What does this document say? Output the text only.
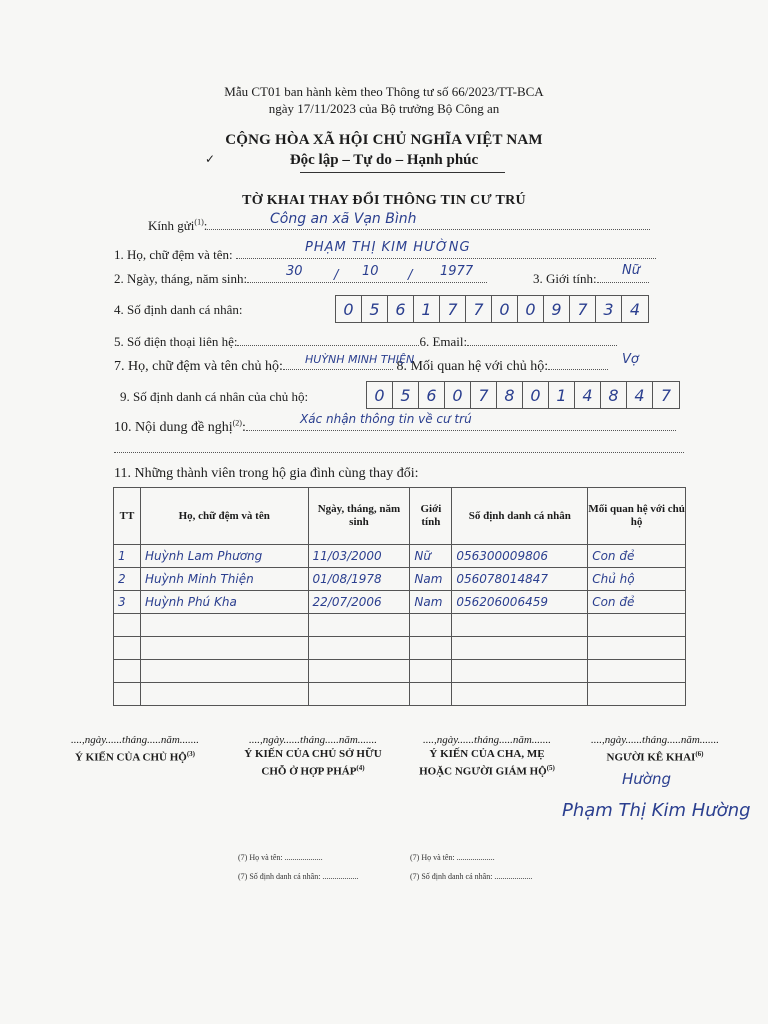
Mẫu CT01 ban hành kèm theo Thông tư số 66/2023/TT-BCA
ngày 17/11/2023 của Bộ trưởng Bộ Công an
CỘNG HÒA XÃ HỘI CHỦ NGHĨA VIỆT NAM
Độc lập – Tự do – Hạnh phúc
✓
TỜ KHAI THAY ĐỔI THÔNG TIN CƯ TRÚ
Kính gửi$^{(1)}$:	Công an xã Vạn Bình
1. Họ, chữ đệm và tên:	PHẠM THỊ KIM HƯỜNG
2. Ngày, tháng, năm sinh:	30 / 10 / 1977	3. Giới tính:
Nữ
4. Số định danh cá nhân:	0 5 6 1 7 7 0 0 9 7 3	4
5. Số điện thoại liên hệ:	6. Email:
7. Họ, chữ đệm và tên chủ hộ:	8. Mối quan hệ với chủ hộ:
HUỲNH MINH THIỆN	Vợ
9. Số định danh cá nhân của chủ hộ:	0 5 6 0 7 8 0 1 4 8 4	7
10. Nội dung đề nghị$^{(2)}$:
Xác nhận thông tin về cư trú
11. Những thành viên trong hộ gia đình cùng thay đổi:
TT	Họ, chữ đệm và tên	Ngày, tháng, năm sinh	Giới tính	Số định danh cá nhân	Mối quan hệ với chủ hộ
1	Huỳnh Lam Phương	11/03/2000	Nữ	056300009806	Con đẻ
2	Huỳnh Minh Thiện	01/08/1978	Nam	056078014847	Chủ hộ
3	Huỳnh Phú Kha	22/07/2006	Nam	056206006459	Con đẻ

....,ngày......tháng.....năm.......
Ý KIẾN CỦA CHỦ HỘ$^{(3)}$
....,ngày......tháng.....năm.......
Ý KIẾN CỦA CHỦ SỞ HỮU
CHỖ Ở HỢP PHÁP$^{(4)}$
....,ngày......tháng.....năm.......
Ý KIẾN CỦA CHA, MẸ
HOẶC NGƯỜI GIÁM HỘ$^{(5)}$
....,ngày......tháng.....năm.......
NGƯỜI KÊ KHAI$^{(6)}$
Hường
Phạm Thị Kim Hường
(7) Họ và tên: ...................
(7) Số định danh cá nhân: ..................
(7) Họ và tên: ...................
(7) Số định danh cá nhân: ...................
